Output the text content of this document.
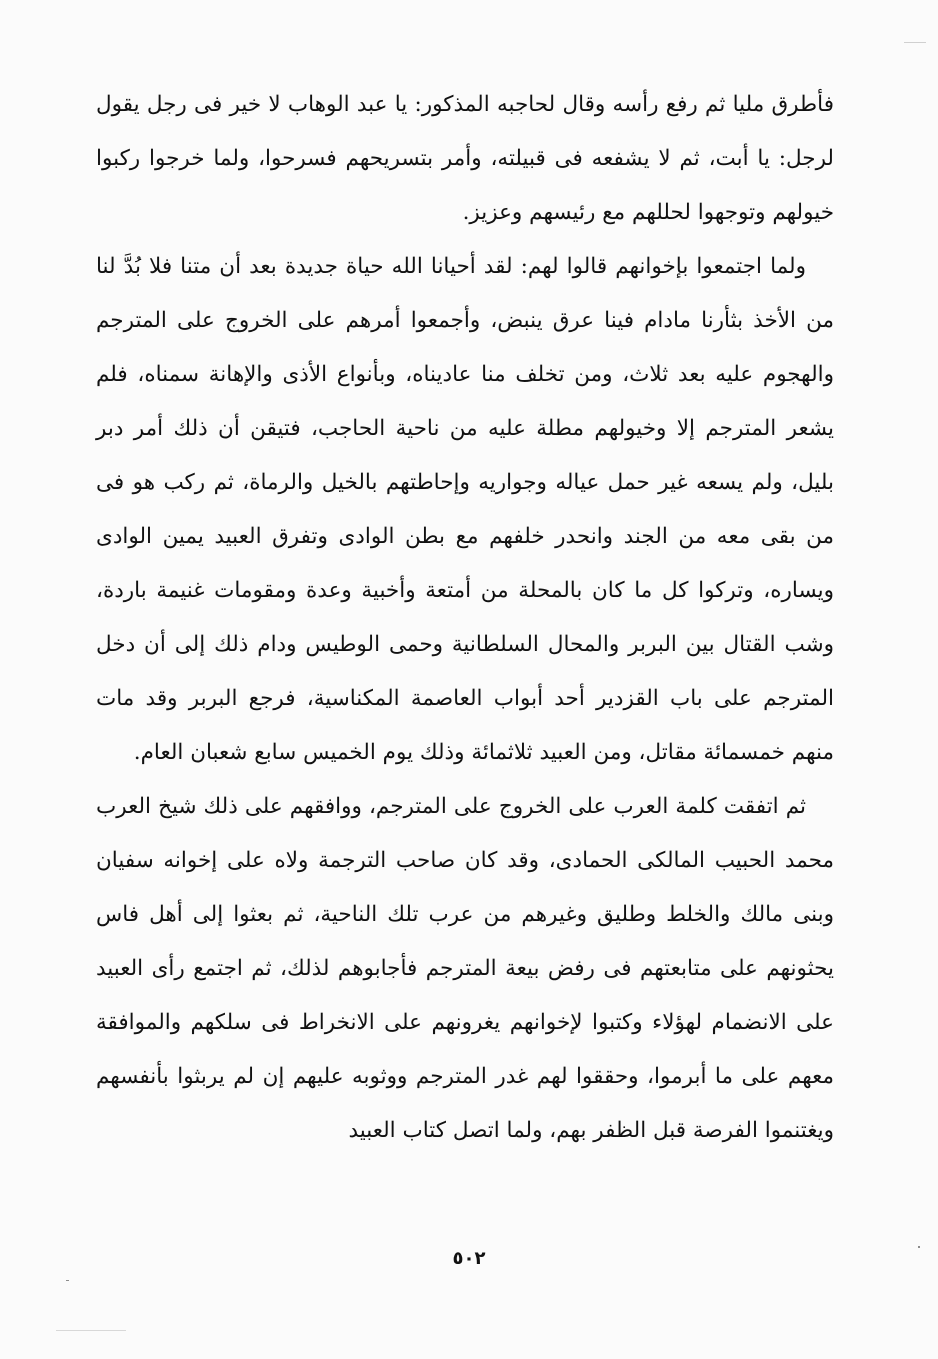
فأطرق مليا ثم رفع رأسه وقال لحاجبه المذكور: يا عبد الوهاب لا خير فى رجل يقول لرجل: يا أبت، ثم لا يشفعه فى قبيلته، وأمر بتسريحهم فسرحوا، ولما خرجوا ركبوا خيولهم وتوجهوا لحللهم مع رئيسهم وعزيز.

ولما اجتمعوا بإخوانهم قالوا لهم: لقد أحيانا الله حياة جديدة بعد أن متنا فلا بُدَّ لنا من الأخذ بثأرنا مادام فينا عرق ينبض، وأجمعوا أمرهم على الخروج على المترجم والهجوم عليه بعد ثلاث، ومن تخلف منا عاديناه، وبأنواع الأذى والإهانة سمناه، فلم يشعر المترجم إلا وخيولهم مطلة عليه من ناحية الحاجب، فتيقن أن ذلك أمر دبر بليل، ولم يسعه غير حمل عياله وجواريه وإحاطتهم بالخيل والرماة، ثم ركب هو فى من بقى معه من الجند وانحدر خلفهم مع بطن الوادى وتفرق العبيد يمين الوادى ويساره، وتركوا كل ما كان بالمحلة من أمتعة وأخبية وعدة ومقومات غنيمة باردة، وشب القتال بين البربر والمحال السلطانية وحمى الوطيس ودام ذلك إلى أن دخل المترجم على باب القزدير أحد أبواب العاصمة المكناسية، فرجع البربر وقد مات منهم خمسمائة مقاتل، ومن العبيد ثلاثمائة وذلك يوم الخميس سابع شعبان العام.

ثم اتفقت كلمة العرب على الخروج على المترجم، ووافقهم على ذلك شيخ العرب محمد الحبيب المالكى الحمادى، وقد كان صاحب الترجمة ولاه على إخوانه سفيان وبنى مالك والخلط وطليق وغيرهم من عرب تلك الناحية، ثم بعثوا إلى أهل فاس يحثونهم على متابعتهم فى رفض بيعة المترجم فأجابوهم لذلك، ثم اجتمع رأى العبيد على الانضمام لهؤلاء وكتبوا لإخوانهم يغرونهم على الانخراط فى سلكهم والموافقة معهم على ما أبرموا، وحققوا لهم غدر المترجم ووثوبه عليهم إن لم يربثوا بأنفسهم ويغتنموا الفرصة قبل الظفر بهم، ولما اتصل كتاب العبيد

٥٠٢
